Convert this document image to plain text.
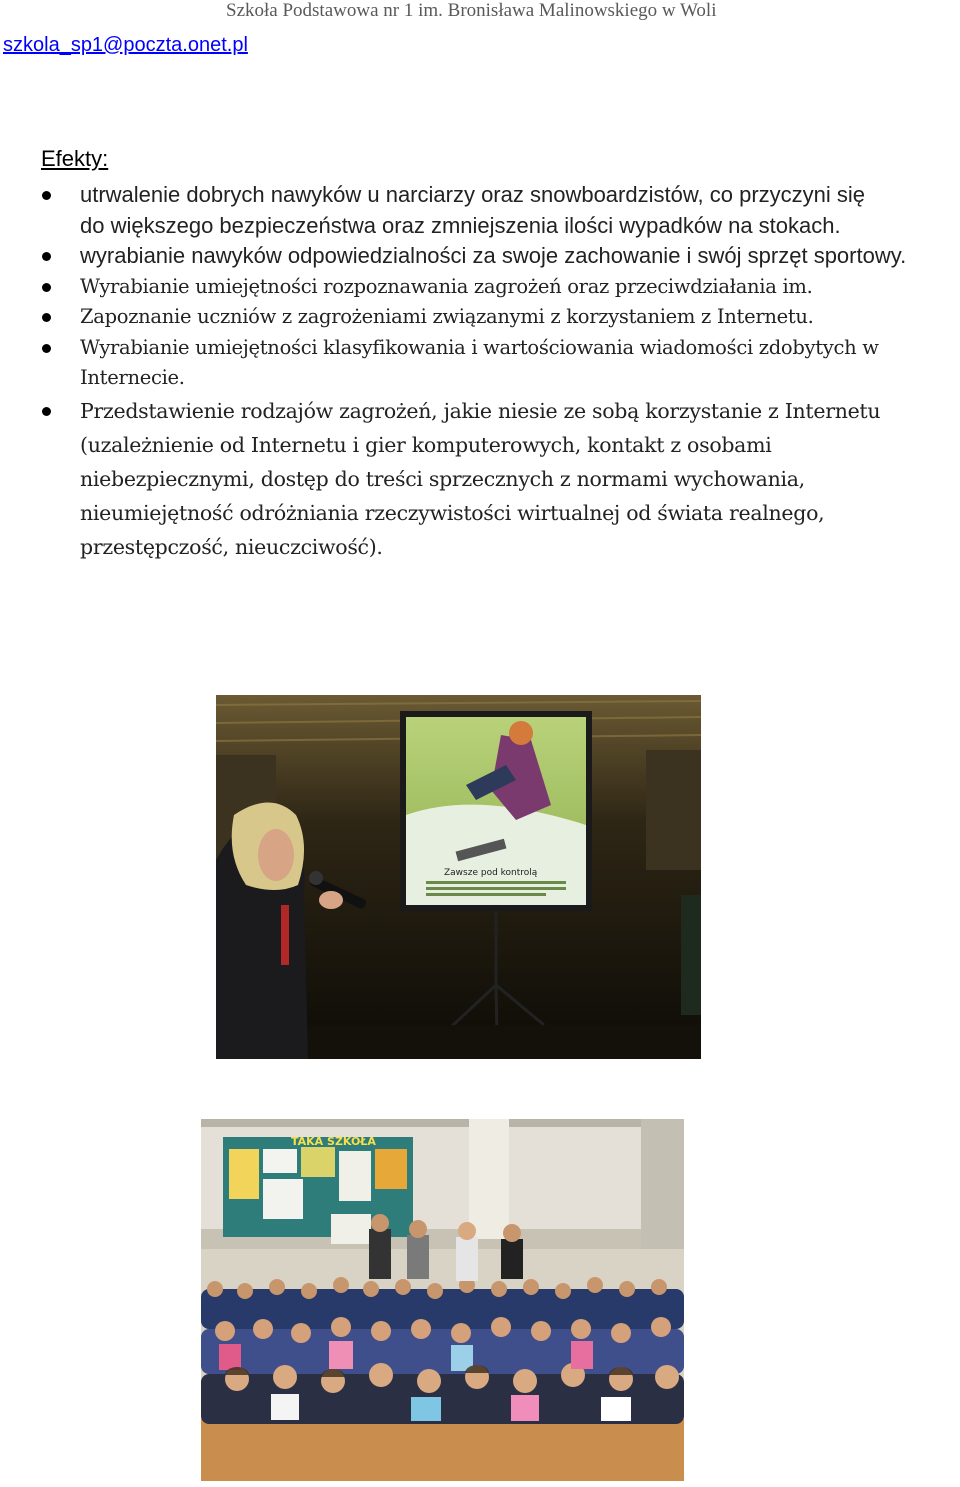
Szkoła Podstawowa nr 1 im. Bronisława Malinowskiego w Woli
szkola_sp1@poczta.onet.pl
Efekty:
utrwalenie dobrych nawyków u narciarzy oraz snowboardzistów, co przyczyni się do większego bezpieczeństwa oraz zmniejszenia ilości wypadków na stokach.
wyrabianie nawyków odpowiedzialności za swoje zachowanie i swój sprzęt sportowy.
Wyrabianie umiejętności rozpoznawania zagrożeń oraz przeciwdziałania im.
Zapoznanie uczniów z zagrożeniami związanymi z korzystaniem z Internetu.
Wyrabianie umiejętności klasyfikowania i wartościowania wiadomości zdobytych w Internecie.
Przedstawienie rodzajów zagrożeń, jakie niesie ze sobą korzystanie z Internetu (uzależnienie od Internetu i gier komputerowych, kontakt z osobami niebezpiecznymi, dostęp do treści sprzecznych z normami wychowania, nieumiejętność odróżniania rzeczywistości wirtualnej od świata realnego, przestępczość, nieuczciwość).
Zawsze pod kontrolą
TAKA SZKOŁA
